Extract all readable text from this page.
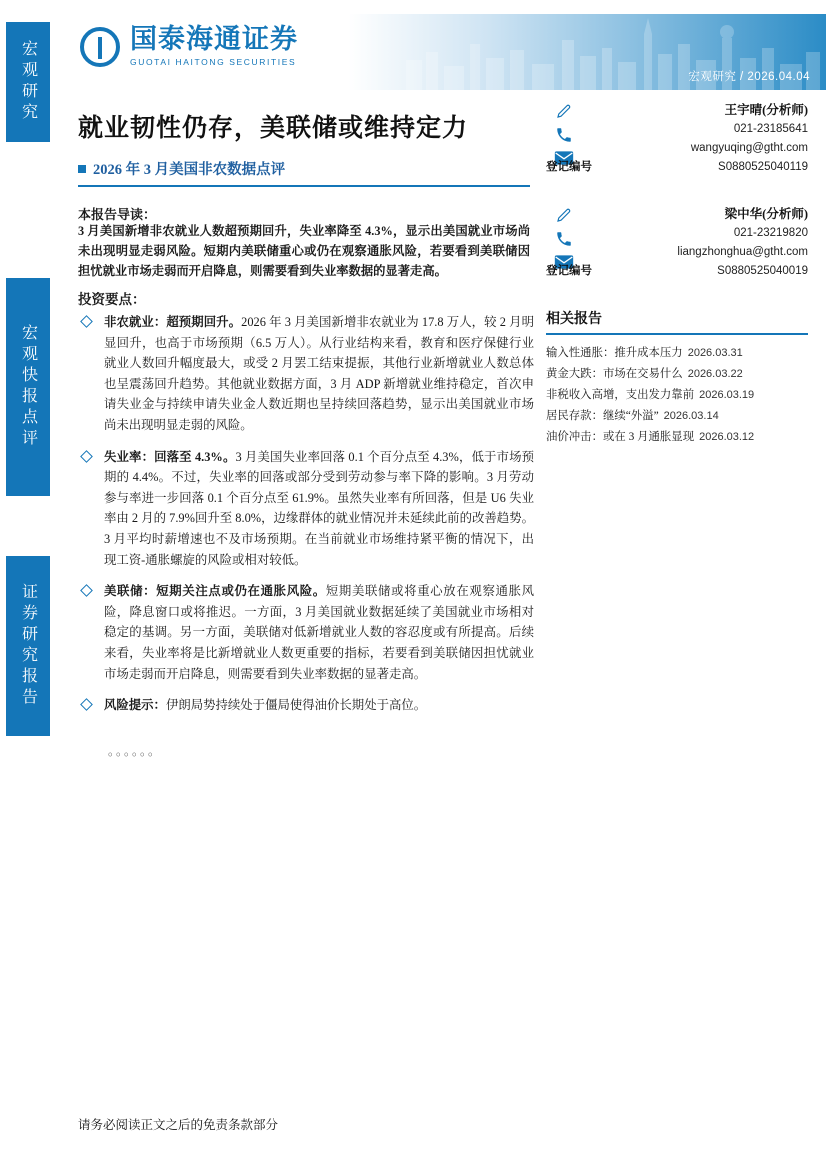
宏观研究
宏观快报点评
证券研究报告
国泰海通证券
GUOTAI HAITONG SECURITIES
宏观研究 / 2026.04.04
就业韧性仍存，美联储或维持定力
2026 年 3 月美国非农数据点评
本报告导读：
3 月美国新增非农就业人数超预期回升，失业率降至 4.3%，显示出美国就业市场尚未出现明显走弱风险。短期内美联储重心或仍在观察通胀风险，若要看到美联储因担忧就业市场走弱而开启降息，则需要看到失业率数据的显著走高。
投资要点：
非农就业：超预期回升。2026 年 3 月美国新增非农就业为 17.8 万人，较 2 月明显回升，也高于市场预期（6.5 万人）。从行业结构来看，教育和医疗保健行业就业人数回升幅度最大，或受 2 月罢工结束提振，其他行业新增就业人数总体也呈震荡回升趋势。其他就业数据方面，3 月 ADP 新增就业维持稳定，首次申请失业金与持续申请失业金人数近期也呈持续回落趋势，显示出美国就业市场尚未出现明显走弱的风险。
失业率：回落至 4.3%。3 月美国失业率回落 0.1 个百分点至 4.3%，低于市场预期的 4.4%。不过，失业率的回落或部分受到劳动参与率下降的影响。3 月劳动参与率进一步回落 0.1 个百分点至 61.9%。虽然失业率有所回落，但是 U6 失业率由 2 月的 7.9%回升至 8.0%，边缘群体的就业情况并未延续此前的改善趋势。3 月平均时薪增速也不及市场预期。在当前就业市场维持紧平衡的情况下，出现工资-通胀螺旋的风险或相对较低。
美联储：短期关注点或仍在通胀风险。短期美联储或将重心放在观察通胀风险，降息窗口或将推迟。一方面，3 月美国就业数据延续了美国就业市场相对稳定的基调。另一方面，美联储对低新增就业人数的容忍度或有所提高。后续来看，失业率将是比新增就业人数更重要的指标，若要看到美联储因担忧就业市场走弱而开启降息，则需要看到失业率数据的显著走高。
风险提示：伊朗局势持续处于僵局使得油价长期处于高位。
。。。。。。
王宇晴(分析师)
021-23185641
wangyuqing@gtht.com
S0880525040119
登记编号
梁中华(分析师)
021-23219820
liangzhonghua@gtht.com
S0880525040019
登记编号
相关报告
输入性通胀：推升成本压力 2026.03.31
黄金大跌：市场在交易什么 2026.03.22
非税收入高增，支出发力靠前 2026.03.19
居民存款：继续“外溢” 2026.03.14
油价冲击：或在 3 月通胀显现 2026.03.12
请务必阅读正文之后的免责条款部分
